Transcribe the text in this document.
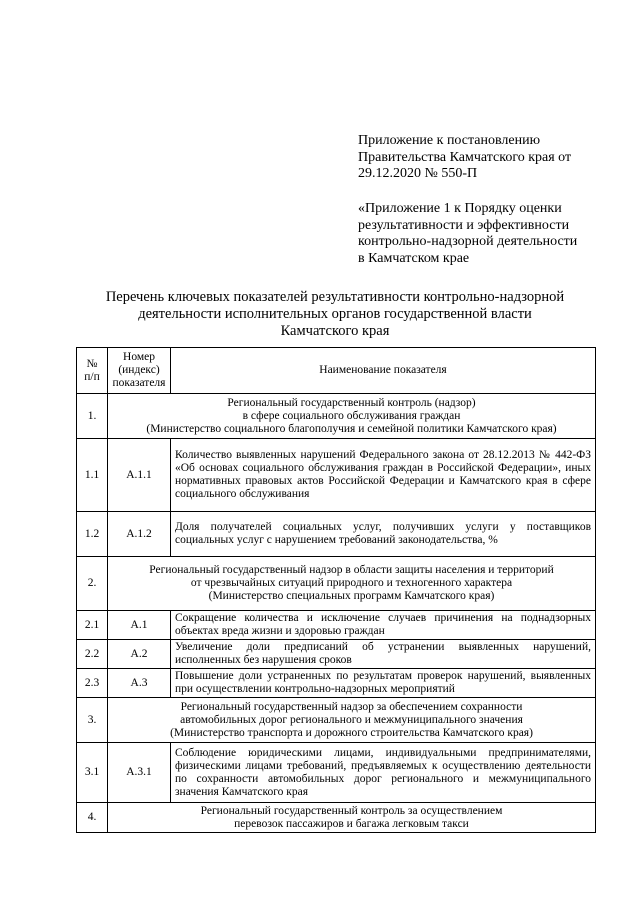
Приложение к постановлению
Правительства Камчатского края от
29.12.2020 № 550-П
«Приложение 1 к Порядку оценки
результативности и эффективности
контрольно-надзорной деятельности
в Камчатском крае
Перечень ключевых показателей результативности контрольно-надзорной
деятельности исполнительных органов государственной власти
Камчатского края
№ п/п	Номер (индекс) показателя	Наименование показателя
1.	Региональный государственный контроль (надзор)
в сфере социального обслуживания граждан
(Министерство социального благополучия и семейной политики Камчатского края)	

1.1	А.1.1	Количество выявленных нарушений Федерального закона от 28.12.2013 № 442-ФЗ «Об основах социального обслуживания граждан в Российской Федерации», иных нормативных правовых актов Российской Федерации и Камчатского края в сфере социального обслуживания
1.2	А.1.2	Доля получателей социальных услуг, получивших услуги у поставщиков социальных услуг с нарушением требований законодательства, %
2.	Региональный государственный надзор в области защиты населения и территорий
от чрезвычайных ситуаций природного и техногенного характера
(Министерство специальных программ Камчатского края)	

2.1	А.1	Сокращение количества и исключение случаев причинения на поднадзорных объектах вреда жизни и здоровью граждан
2.2	А.2	Увеличение доли предписаний об устранении выявленных нарушений, исполненных без нарушения сроков
2.3	А.3	Повышение доли устраненных по результатам проверок нарушений, выявленных при осуществлении контрольно-надзорных мероприятий
3.	Региональный государственный надзор за обеспечением сохранности
автомобильных дорог регионального и межмуниципального значения
(Министерство транспорта и дорожного строительства Камчатского края)	

3.1	А.3.1	Соблюдение юридическими лицами, индивидуальными предпринимателями, физическими лицами требований, предъявляемых к осуществлению деятельности по сохранности автомобильных дорог регионального и межмуниципального значения Камчатского края
4.	Региональный государственный контроль за осуществлением
перевозок пассажиров и багажа легковым такси	
